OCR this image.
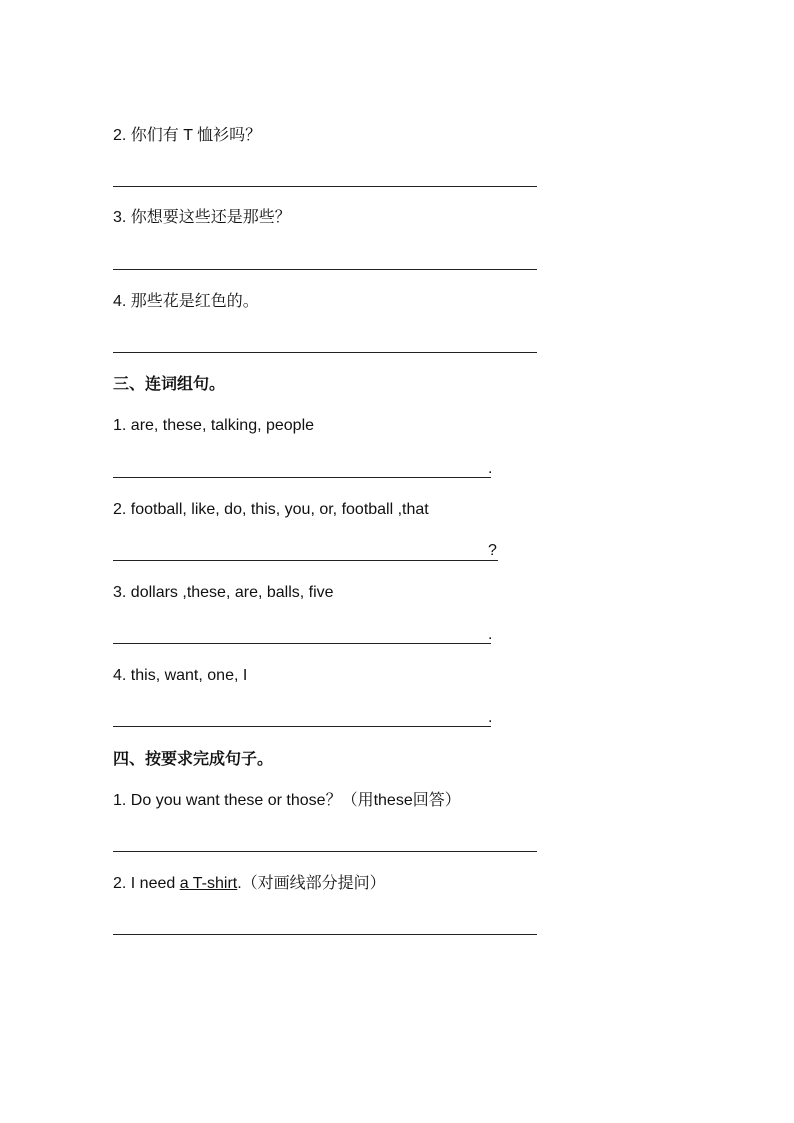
2. 你们有 T 恤衫吗？
3. 你想要这些还是那些？
4. 那些花是红色的。
三、连词组句。
1. are, these, talking, people
.
2. football, like, do, this, you, or, football ,that
?
3. dollars ,these, are, balls, five
.
4. this, want, one, I
.
四、按要求完成句子。
1. Do you want these or those？（用these回答）
2. I need a T-shirt.（对画线部分提问）
